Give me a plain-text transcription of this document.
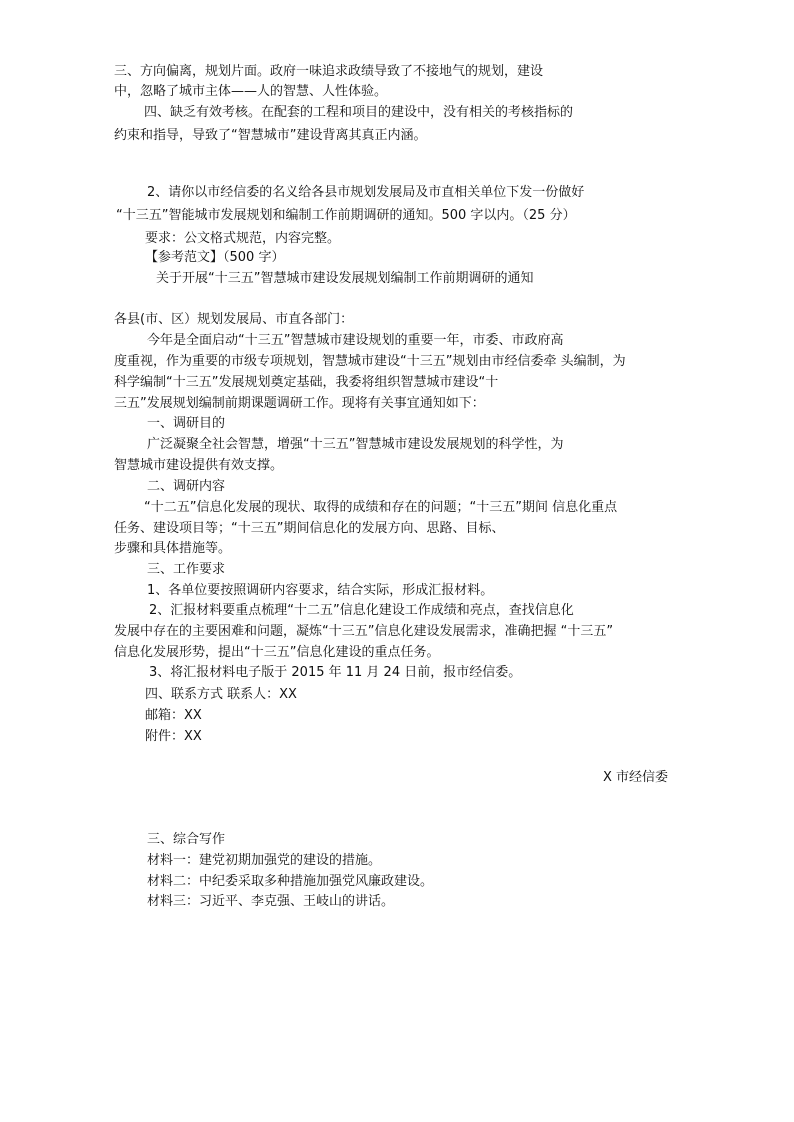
三、方向偏离，规划片面。政府一味追求政绩导致了不接地气的规划，建设

中，忽略了城市主体——人的智慧、人性体验。

四、缺乏有效考核。在配套的工程和项目的建设中，没有相关的考核指标的

约束和指导，导致了“智慧城市”建设背离其真正内涵。

2、请你以市经信委的名义给各县市规划发展局及市直相关单位下发一份做好

“十三五”智能城市发展规划和编制工作前期调研的通知。500 字以内。（25 分）

要求：公文格式规范，内容完整。

【参考范文】（500 字）

关于开展“十三五”智慧城市建设发展规划编制工作前期调研的通知

各县(市、区）规划发展局、市直各部门：

今年是全面启动“十三五”智慧城市建设规划的重要一年，市委、市政府高

度重视，作为重要的市级专项规划，智慧城市建设“十三五”规划由市经信委牵 头编制，为

科学编制“十三五”发展规划奠定基础，我委将组织智慧城市建设“十

三五”发展规划编制前期课题调研工作。现将有关事宜通知如下：

一、调研目的

广泛凝聚全社会智慧，增强“十三五”智慧城市建设发展规划的科学性，为

智慧城市建设提供有效支撑。

二、调研内容

“十二五”信息化发展的现状、取得的成绩和存在的问题；“十三五”期间 信息化重点

任务、建设项目等；“十三五”期间信息化的发展方向、思路、目标、

步骤和具体措施等。

三、工作要求

1、各单位要按照调研内容要求，结合实际，形成汇报材料。

2、汇报材料要重点梳理“十二五”信息化建设工作成绩和亮点，查找信息化

发展中存在的主要困难和问题，凝炼“十三五”信息化建设发展需求，准确把握 “十三五”

信息化发展形势，提出“十三五”信息化建设的重点任务。

3、将汇报材料电子版于 2015 年 11 月 24 日前，报市经信委。

四、联系方式 联系人：XX

邮箱：XX

附件：XX

X 市经信委

三、综合写作

材料一：建党初期加强党的建设的措施。

材料二：中纪委采取多种措施加强党风廉政建设。

材料三：习近平、李克强、王岐山的讲话。
